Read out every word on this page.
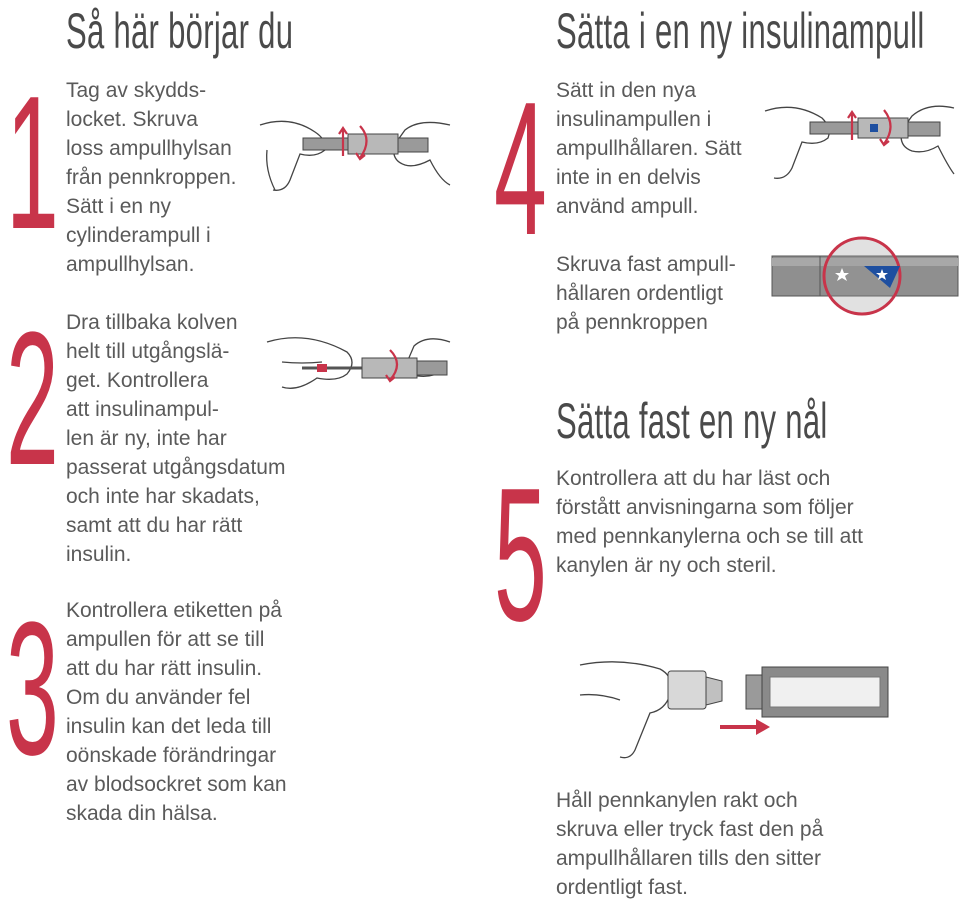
Så här börjar du	Sätta i en ny insulinampull
Sätta fast en ny nål
1
2
3
4
5

Tag av skydds-
locket. Skruva
loss ampullhylsan
från pennkroppen.
Sätt i en ny
cylinderampull i
ampullhylsan.

Dra tillbaka kolven
helt till utgångslä-
get. Kontrollera
att insulinampul-
len är ny, inte har
passerat utgångsdatum
och inte har skadats,
samt att du har rätt
insulin.

Kontrollera etiketten på
ampullen för att se till
att du har rätt insulin.
Om du använder fel
insulin kan det leda till
oönskade förändringar
av blodsockret som kan
skada din hälsa.

Sätt in den nya
insulinampullen i
ampullhållaren. Sätt
inte in en delvis
använd ampull.

Skruva fast ampull-
hållaren ordentligt
på pennkroppen

Kontrollera att du har läst och
förstått anvisningarna som följer
med pennkanylerna och se till att
kanylen är ny och steril.

Håll pennkanylen rakt och
skruva eller tryck fast den på
ampullhållaren tills den sitter
ordentligt fast.
